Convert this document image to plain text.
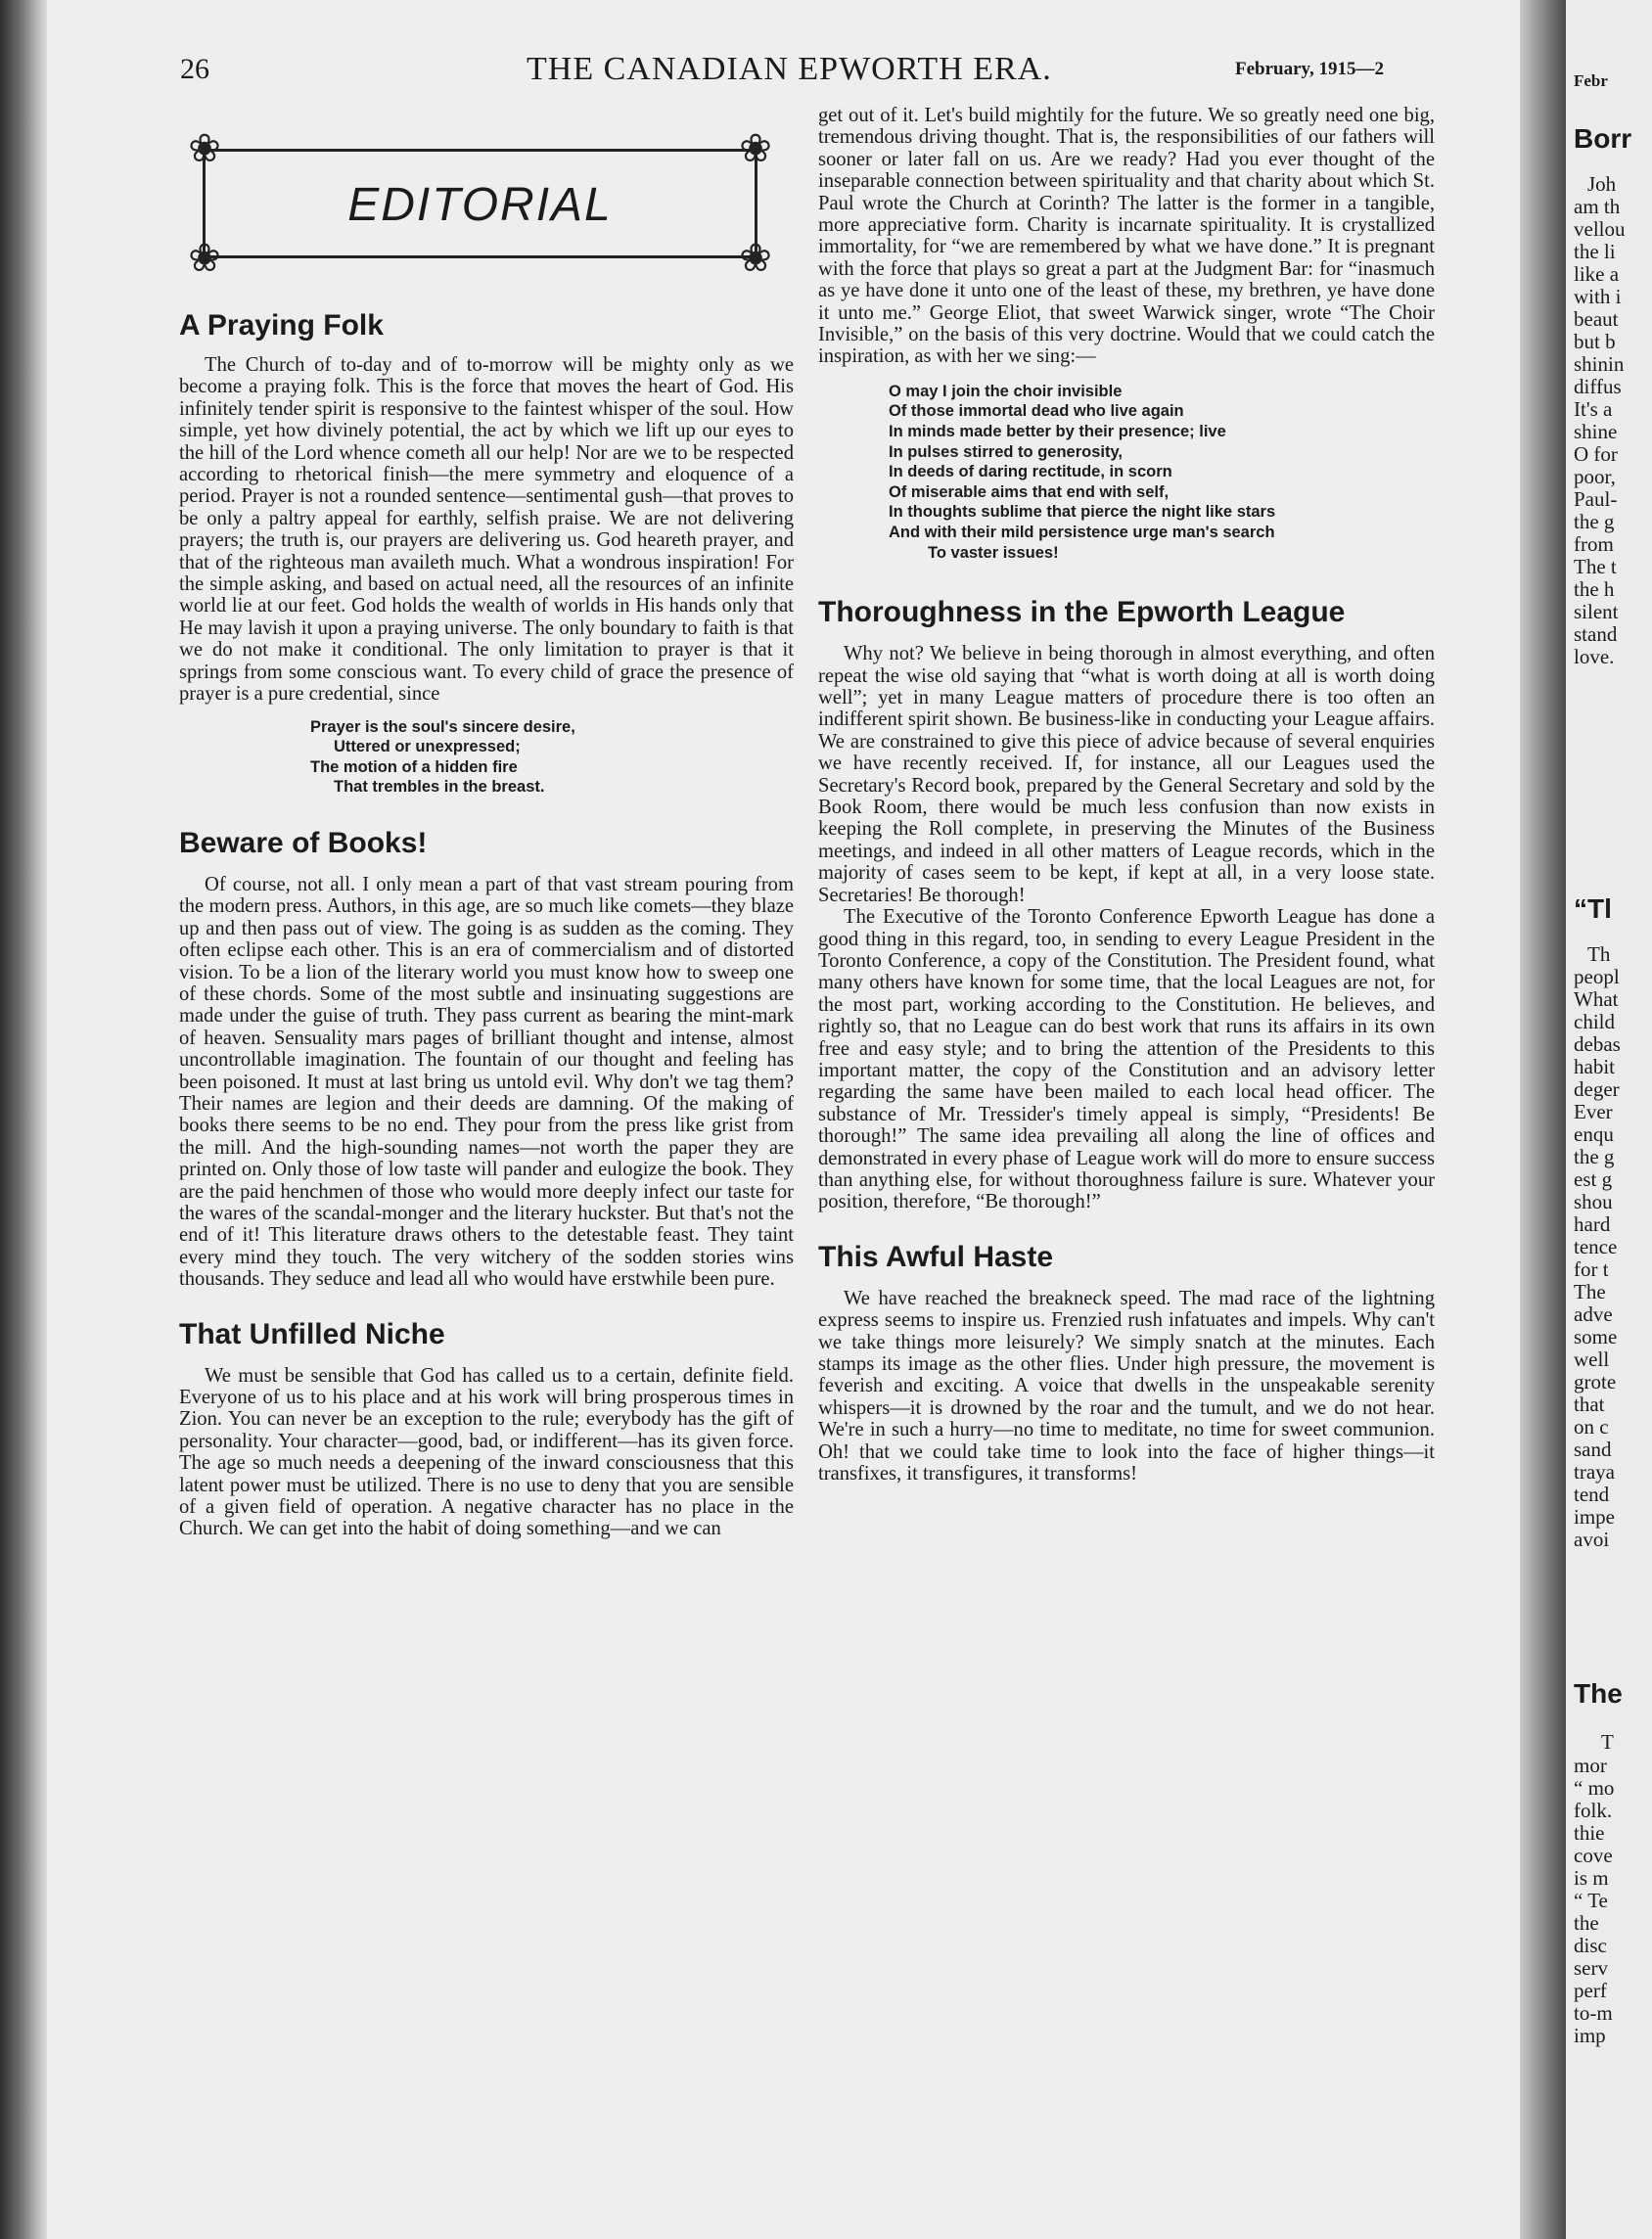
26	THE CANADIAN EPWORTH ERA.	February, 1915—2
❀	❀
❀	❀
EDITORIAL
A Praying Folk

The Church of to-day and of to-morrow will be mighty only as we become a praying folk. This is the force that moves the heart of God. His infinitely tender spirit is responsive to the faintest whisper of the soul. How simple, yet how divinely potential, the act by which we lift up our eyes to the hill of the Lord whence cometh all our help! Nor are we to be respected according to rhetorical finish—the mere symmetry and eloquence of a period. Prayer is not a rounded sentence—sentimental gush—that proves to be only a paltry appeal for earthly, selfish praise. We are not delivering prayers; the truth is, our prayers are delivering us. God heareth prayer, and that of the righteous man availeth much. What a wondrous inspiration! For the simple asking, and based on actual need, all the resources of an infinite world lie at our feet. God holds the wealth of worlds in His hands only that He may lavish it upon a praying universe. The only boundary to faith is that we do not make it conditional. The only limitation to prayer is that it springs from some conscious want. To every child of grace the presence of prayer is a pure credential, since

Prayer is the soul's sincere desire,
Uttered or unexpressed;
The motion of a hidden fire
That trembles in the breast.
Beware of Books!

Of course, not all. I only mean a part of that vast stream pouring from the modern press. Authors, in this age, are so much like comets—they blaze up and then pass out of view. The going is as sudden as the coming. They often eclipse each other. This is an era of commercialism and of distorted vision. To be a lion of the literary world you must know how to sweep one of these chords. Some of the most subtle and insinuating suggestions are made under the guise of truth. They pass current as bearing the mint-mark of heaven. Sensuality mars pages of brilliant thought and intense, almost uncontrollable imagination. The fountain of our thought and feeling has been poisoned. It must at last bring us untold evil. Why don't we tag them? Their names are legion and their deeds are damning. Of the making of books there seems to be no end. They pour from the press like grist from the mill. And the high-sounding names—not worth the paper they are printed on. Only those of low taste will pander and eulogize the book. They are the paid henchmen of those who would more deeply infect our taste for the wares of the scandal-monger and the literary huckster. But that's not the end of it! This literature draws others to the detestable feast. They taint every mind they touch. The very witchery of the sodden stories wins thousands. They seduce and lead all who would have erstwhile been pure.

That Unfilled Niche

We must be sensible that God has called us to a certain, definite field. Everyone of us to his place and at his work will bring prosperous times in Zion. You can never be an exception to the rule; everybody has the gift of personality. Your character—good, bad, or indifferent—has its given force. The age so much needs a deepening of the inward consciousness that this latent power must be utilized. There is no use to deny that you are sensible of a given field of operation. A negative character has no place in the Church. We can get into the habit of doing something—and we can

get out of it. Let's build mightily for the future. We so greatly need one big, tremendous driving thought. That is, the responsibilities of our fathers will sooner or later fall on us. Are we ready? Had you ever thought of the inseparable connection between spirituality and that charity about which St. Paul wrote the Church at Corinth? The latter is the former in a tangible, more appreciative form. Charity is incarnate spirituality. It is crystallized immortality, for “we are remembered by what we have done.” It is pregnant with the force that plays so great a part at the Judgment Bar: for “inasmuch as ye have done it unto one of the least of these, my brethren, ye have done it unto me.” George Eliot, that sweet Warwick singer, wrote “The Choir Invisible,” on the basis of this very doctrine. Would that we could catch the inspiration, as with her we sing:—

O may I join the choir invisible
Of those immortal dead who live again
In minds made better by their presence; live
In pulses stirred to generosity,
In deeds of daring rectitude, in scorn
Of miserable aims that end with self,
In thoughts sublime that pierce the night like stars
And with their mild persistence urge man's search
To vaster issues!
Thoroughness in the Epworth League

Why not? We believe in being thorough in almost everything, and often repeat the wise old saying that “what is worth doing at all is worth doing well”; yet in many League matters of procedure there is too often an indifferent spirit shown. Be business-like in conducting your League affairs. We are constrained to give this piece of advice because of several enquiries we have recently received. If, for instance, all our Leagues used the Secretary's Record book, prepared by the General Secretary and sold by the Book Room, there would be much less confusion than now exists in keeping the Roll complete, in preserving the Minutes of the Business meetings, and indeed in all other matters of League records, which in the majority of cases seem to be kept, if kept at all, in a very loose state. Secretaries! Be thorough!

The Executive of the Toronto Conference Epworth League has done a good thing in this regard, too, in sending to every League President in the Toronto Conference, a copy of the Constitution. The President found, what many others have known for some time, that the local Leagues are not, for the most part, working according to the Constitution. He believes, and rightly so, that no League can do best work that runs its affairs in its own free and easy style; and to bring the attention of the Presidents to this important matter, the copy of the Constitution and an advisory letter regarding the same have been mailed to each local head officer. The substance of Mr. Tressider's timely appeal is simply, “Presidents! Be thorough!” The same idea prevailing all along the line of offices and demonstrated in every phase of League work will do more to ensure success than anything else, for without thoroughness failure is sure. Whatever your position, therefore, “Be thorough!”

This Awful Haste

We have reached the breakneck speed. The mad race of the lightning express seems to inspire us. Frenzied rush infatuates and impels. Why can't we take things more leisurely? We simply snatch at the minutes. Each stamps its image as the other flies. Under high pressure, the movement is feverish and exciting. A voice that dwells in the unspeakable serenity whispers—it is drowned by the roar and the tumult, and we do not hear. We're in such a hurry—no time to meditate, no time for sweet communion. Oh! that we could take time to look into the face of higher things—it transfixes, it transfigures, it transforms!

Febr
Borr
Joh
am th
vellou
the li
like a
with i
beaut
but b
shinin
diffus
It's a
shine
O for
poor,
Paul-
the g
from
The t
the h
silent
stand
love.
“Tl
Th
peopl
What
child
debas
habit
deger
Ever
enqu
the g
est g
shou
hard
tence
for t
The
adve
some
well
grote
that
on c
sand
traya
tend
impe
avoi
The
T
mor
“ mo
folk.
thie
cove
is m
“ Te
the
disc
serv
perf
to-m
imp
